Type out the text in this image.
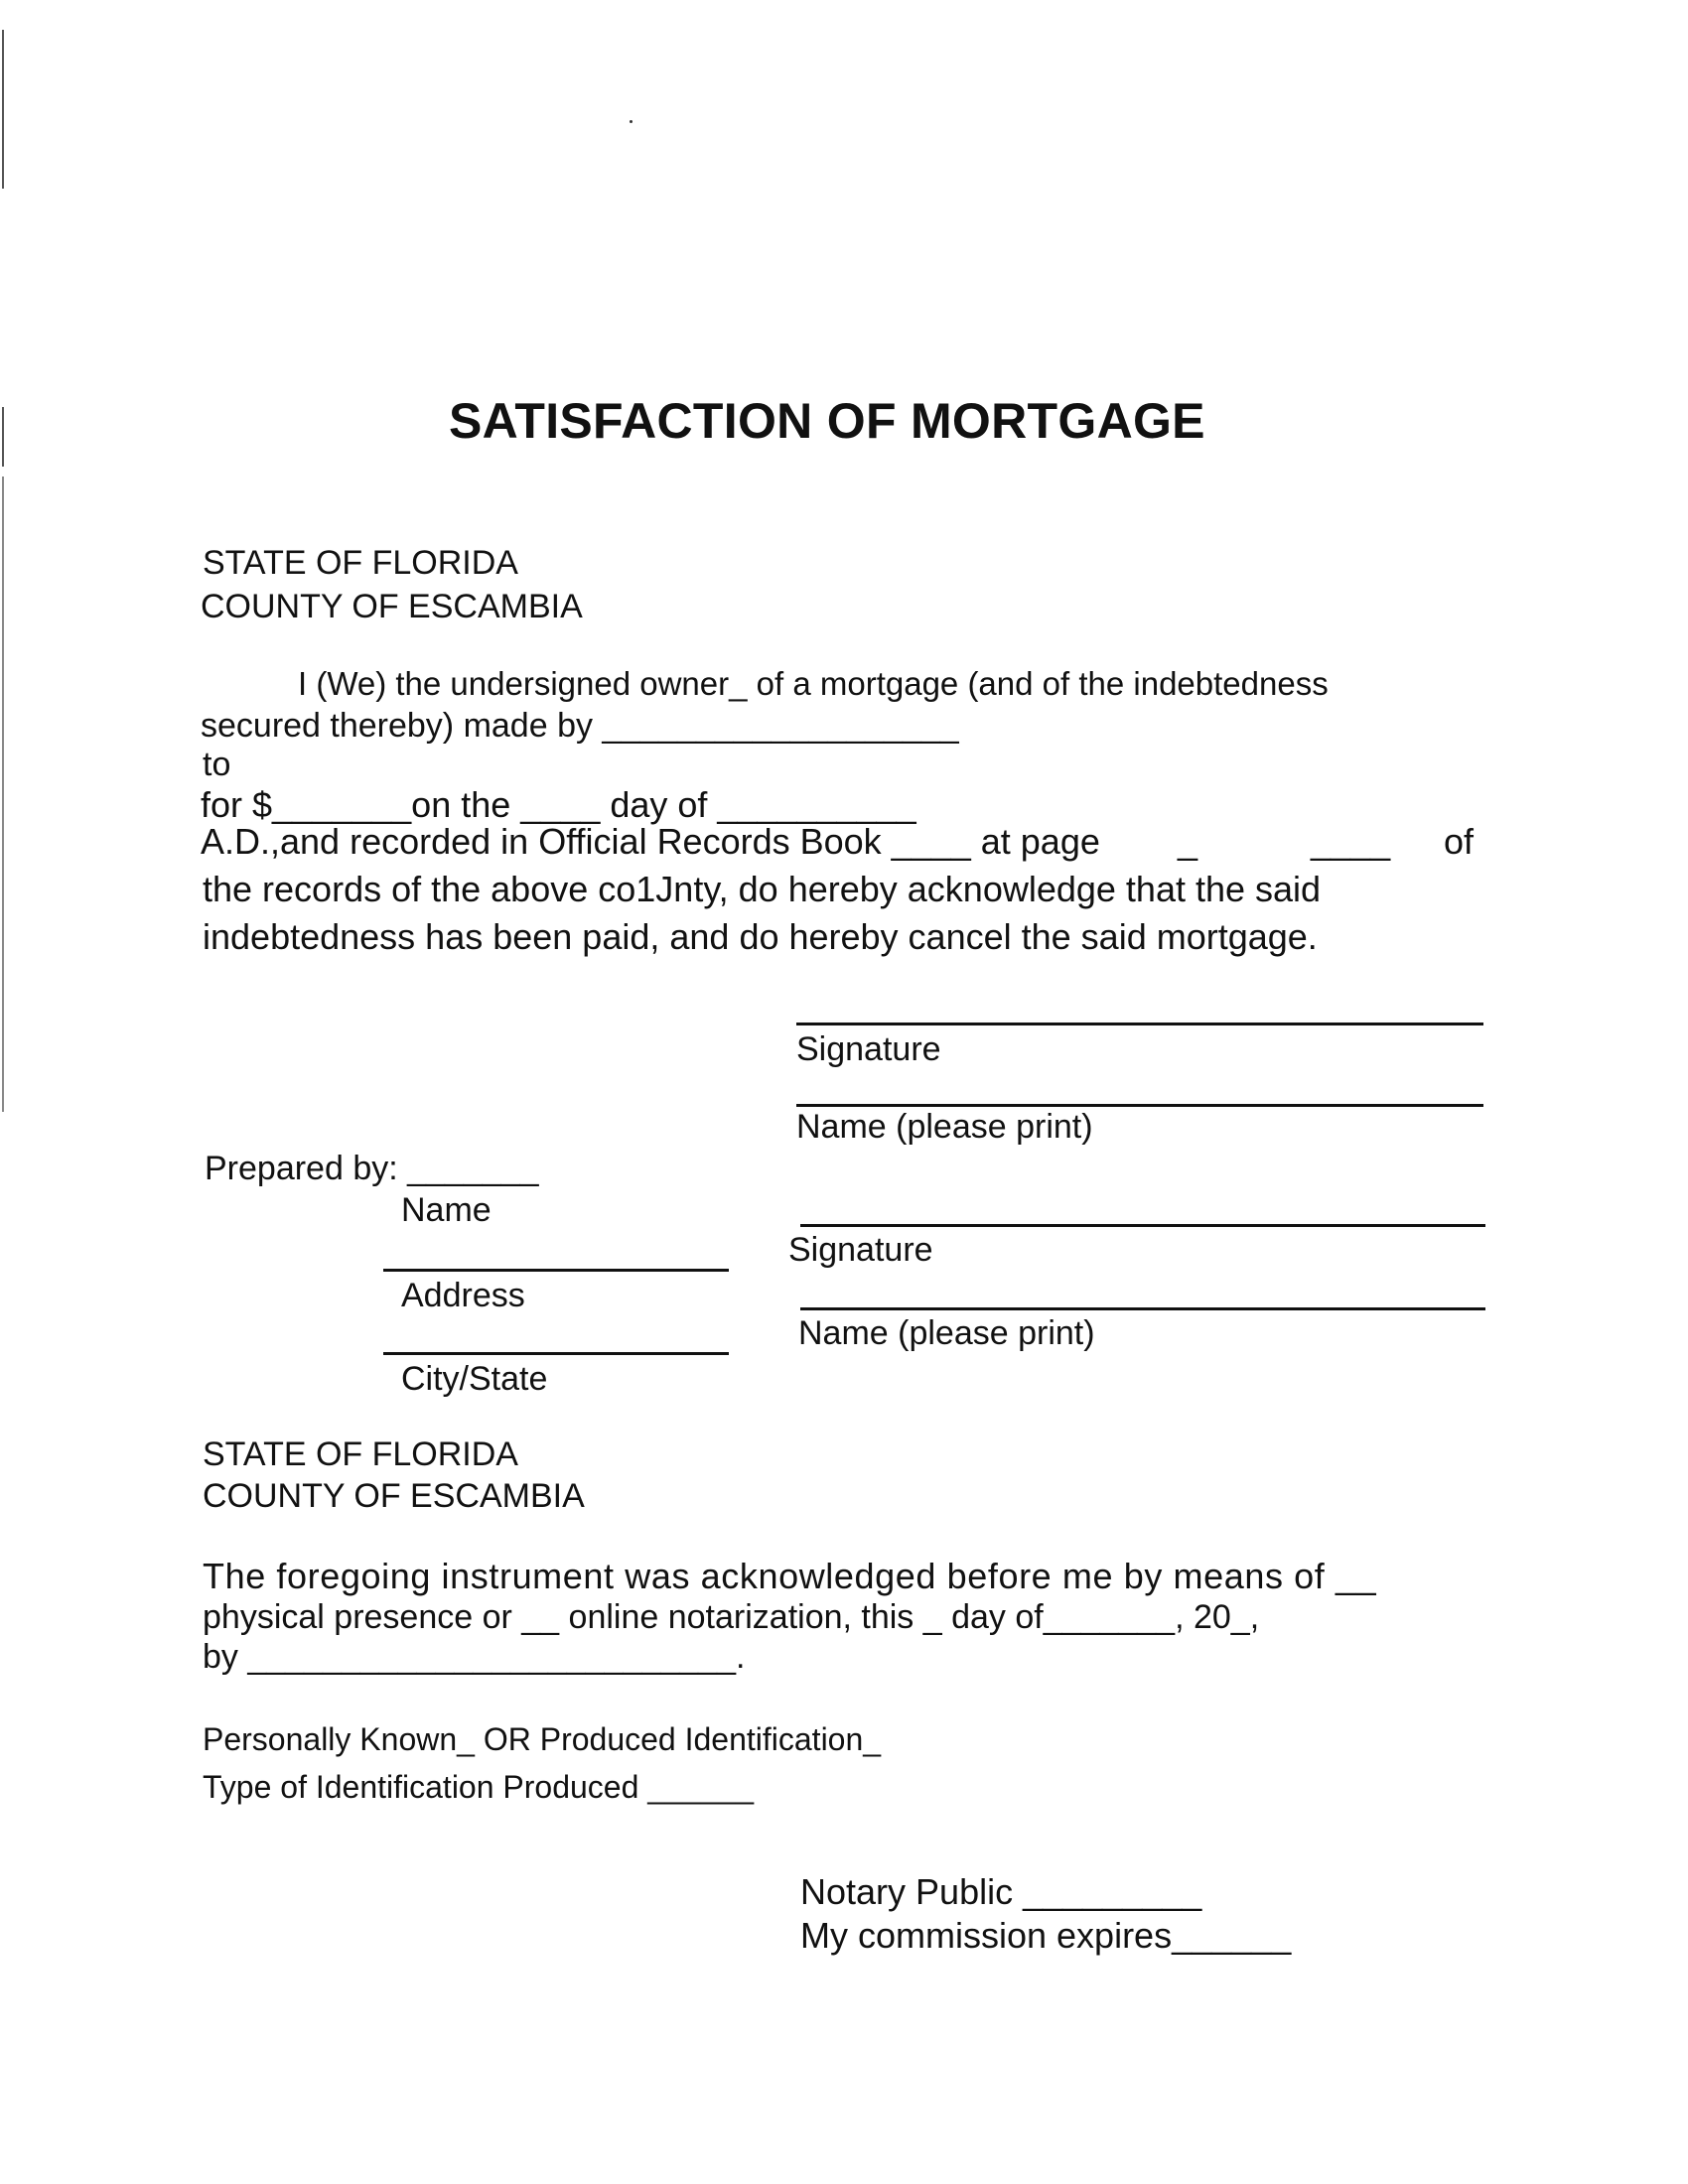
SATISFACTION OF MORTGAGE
STATE OF FLORIDA
COUNTY OF ESCAMBIA
I (We) the undersigned owner_ of a mortgage (and of the indebtedness
secured thereby) made by ___________________
to
for $_______on the ____ day of __________
A.D.,and recorded in Official Records Book ____ at page _	____ of
the records of the above co1Jnty, do hereby acknowledge that the said
indebtedness has been paid, and do hereby cancel the said mortgage.
Signature
Name (please print)
Signature
Name (please print)
Prepared by: _______
Name
Address
City/State
STATE OF FLORIDA
COUNTY OF ESCAMBIA
The foregoing instrument was acknowledged before me by means of __
physical presence or __ online notarization, this _ day of_______, 20_,
by __________________________.
Personally Known_ OR Produced Identification_
Type of Identification Produced ______
Notary Public _________
My commission expires______
